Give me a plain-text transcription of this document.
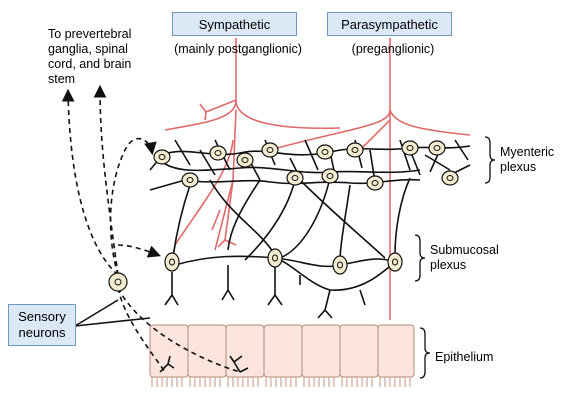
Sympathetic
(mainly postganglionic)
Parasympathetic
(preganglionic)
To prevertebral
ganglia, spinal
cord, and brain
stem
Myenteric
plexus
Submucosal
plexus
Sensory
neurons
Epithelium
